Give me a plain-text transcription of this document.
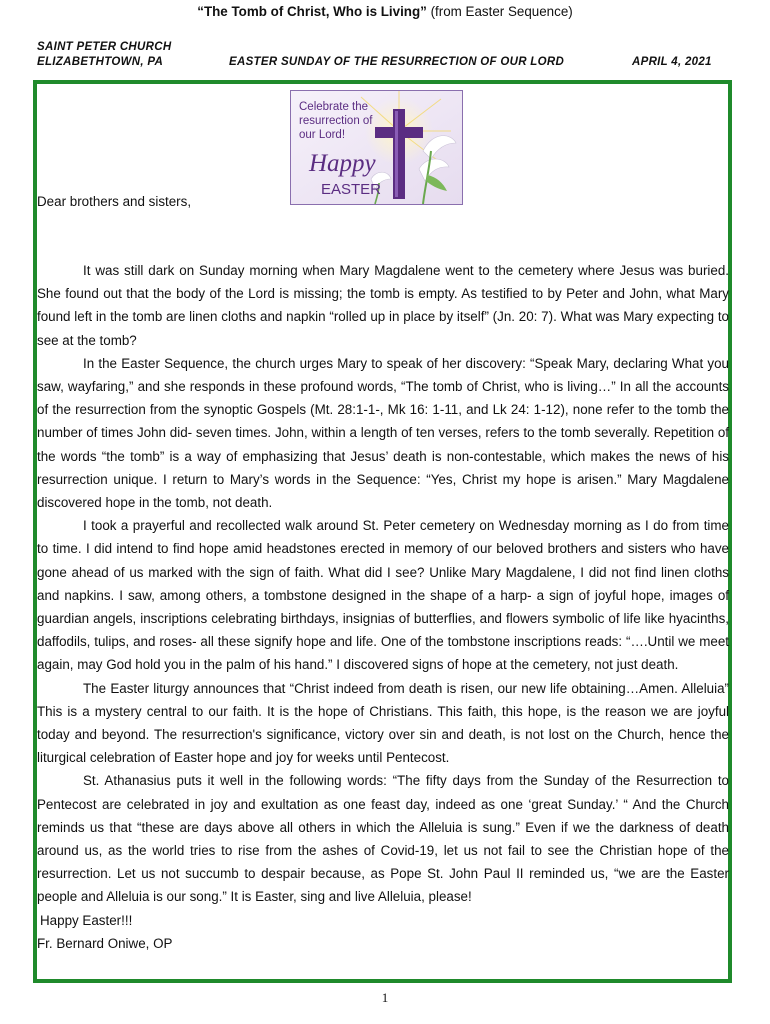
SAINT PETER CHURCH
ELIZABETHTOWN, PA	EASTER SUNDAY OF THE RESURRECTION OF OUR LORD	APRIL 4, 2021
Celebrate the
resurrection of
our Lord!
Happy
EASTER
Dear brothers and sisters,
“The Tomb of Christ, Who is Living” (from Easter Sequence)

It was still dark on Sunday morning when Mary Magdalene went to the cemetery where Jesus was buried. She found out that the body of the Lord is missing; the tomb is empty. As testified to by Peter and John, what Mary found left in the tomb are linen cloths and napkin “rolled up in place by itself” (Jn. 20: 7). What was Mary expecting to see at the tomb?

In the Easter Sequence, the church urges Mary to speak of her discovery: “Speak Mary, declaring What you saw, wayfaring,” and she responds in these profound words, “The tomb of Christ, who is living…” In all the accounts of the resurrection from the synoptic Gospels (Mt. 28:1-1-, Mk 16: 1-11, and Lk 24: 1-12), none refer to the tomb the number of times John did- seven times. John, within a length of ten verses, refers to the tomb severally. Repetition of the words “the tomb” is a way of emphasizing that Jesus’ death is non-contestable, which makes the news of his resurrection unique. I return to Mary’s words in the Sequence: “Yes, Christ my hope is arisen.” Mary Magdalene discovered hope in the tomb, not death.

I took a prayerful and recollected walk around St. Peter cemetery on Wednesday morning as I do from time to time. I did intend to find hope amid headstones erected in memory of our beloved brothers and sisters who have gone ahead of us marked with the sign of faith. What did I see? Unlike Mary Magdalene, I did not find linen cloths and napkins. I saw, among others, a tombstone designed in the shape of a harp- a sign of joyful hope, images of guardian angels, inscriptions celebrating birthdays, insignias of butterflies, and flowers symbolic of life like hyacinths, daffodils, tulips, and roses- all these signify hope and life. One of the tombstone inscriptions reads: “….Until we meet again, may God hold you in the palm of his hand.” I discovered signs of hope at the cemetery, not just death.

The Easter liturgy announces that “Christ indeed from death is risen, our new life obtaining…Amen. Alleluia” This is a mystery central to our faith. It is the hope of Christians. This faith, this hope, is the reason we are joyful today and beyond. The resurrection's significance, victory over sin and death, is not lost on the Church, hence the liturgical celebration of Easter hope and joy for weeks until Pentecost.

St. Athanasius puts it well in the following words: “The fifty days from the Sunday of the Resurrection to Pentecost are celebrated in joy and exultation as one feast day, indeed as one ‘great Sunday.’ “ And the Church reminds us that “these are days above all others in which the Alleluia is sung.” Even if we the darkness of death around us, as the world tries to rise from the ashes of Covid-19, let us not fail to see the Christian hope of the resurrection. Let us not succumb to despair because, as Pope St. John Paul II reminded us, “we are the Easter people and Alleluia is our song.” It is Easter, sing and live Alleluia, please!

Happy Easter!!!

Fr. Bernard Oniwe, OP

1
